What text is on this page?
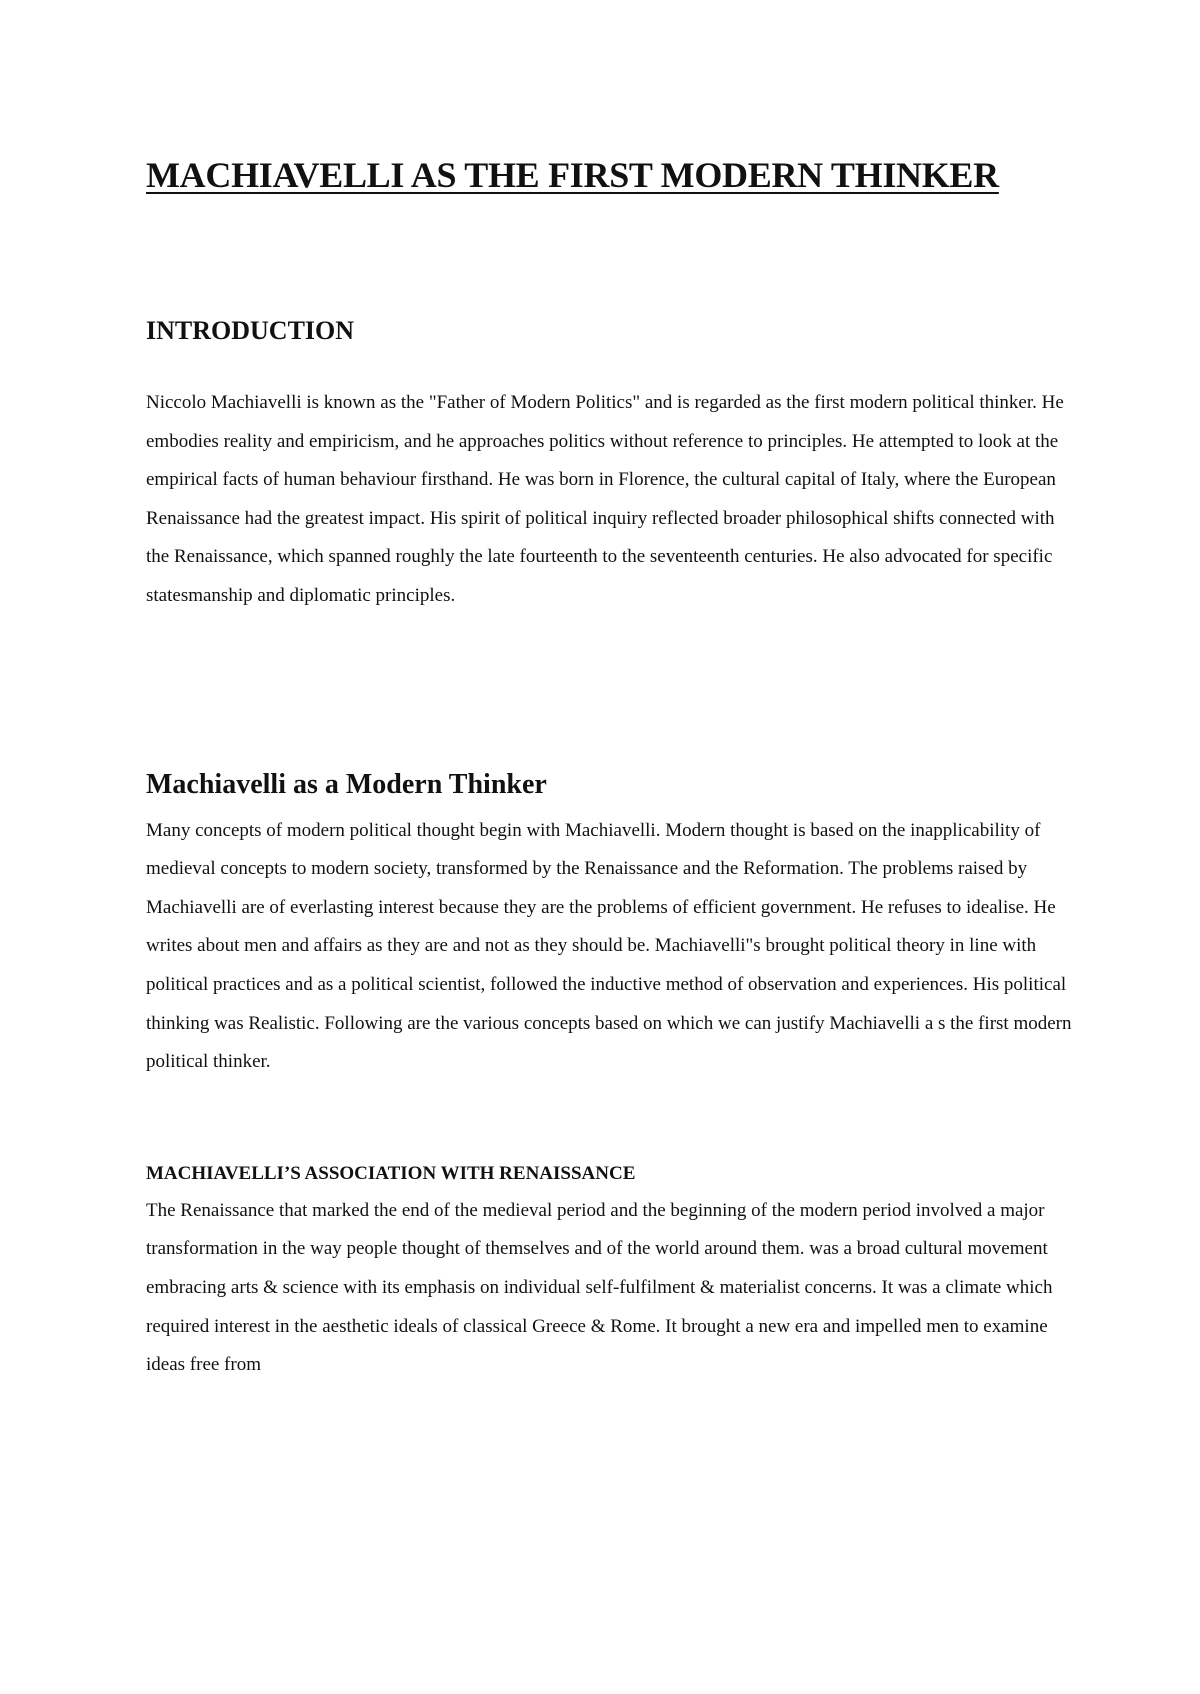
MACHIAVELLI AS THE FIRST MODERN THINKER
INTRODUCTION

Niccolo Machiavelli is known as the "Father of Modern Politics" and is regarded as the first modern political thinker. He embodies reality and empiricism, and he approaches politics without reference to principles. He attempted to look at the empirical facts of human behaviour firsthand. He was born in Florence, the cultural capital of Italy, where the European Renaissance had the greatest impact. His spirit of political inquiry reflected broader philosophical shifts connected with the Renaissance, which spanned roughly the late fourteenth to the seventeenth centuries. He also advocated for specific statesmanship and diplomatic principles.

Machiavelli as a Modern Thinker

Many concepts of modern political thought begin with Machiavelli. Modern thought is based on the inapplicability of medieval concepts to modern society, transformed by the Renaissance and the Reformation. The problems raised by Machiavelli are of everlasting interest because they are the problems of efficient government. He refuses to idealise. He writes about men and affairs as they are and not as they should be. Machiavelli"s brought political theory in line with political practices and as a political scientist, followed the inductive method of observation and experiences. His political thinking was Realistic. Following are the various concepts based on which we can justify Machiavelli a s the first modern political thinker.

MACHIAVELLI’S ASSOCIATION WITH RENAISSANCE

The Renaissance that marked the end of the medieval period and the beginning of the modern period involved a major transformation in the way people thought of themselves and of the world around them. was a broad cultural movement embracing arts & science with its emphasis on individual self-fulfilment & materialist concerns. It was a climate which required interest in the aesthetic ideals of classical Greece & Rome. It brought a new era and impelled men to examine ideas free from
